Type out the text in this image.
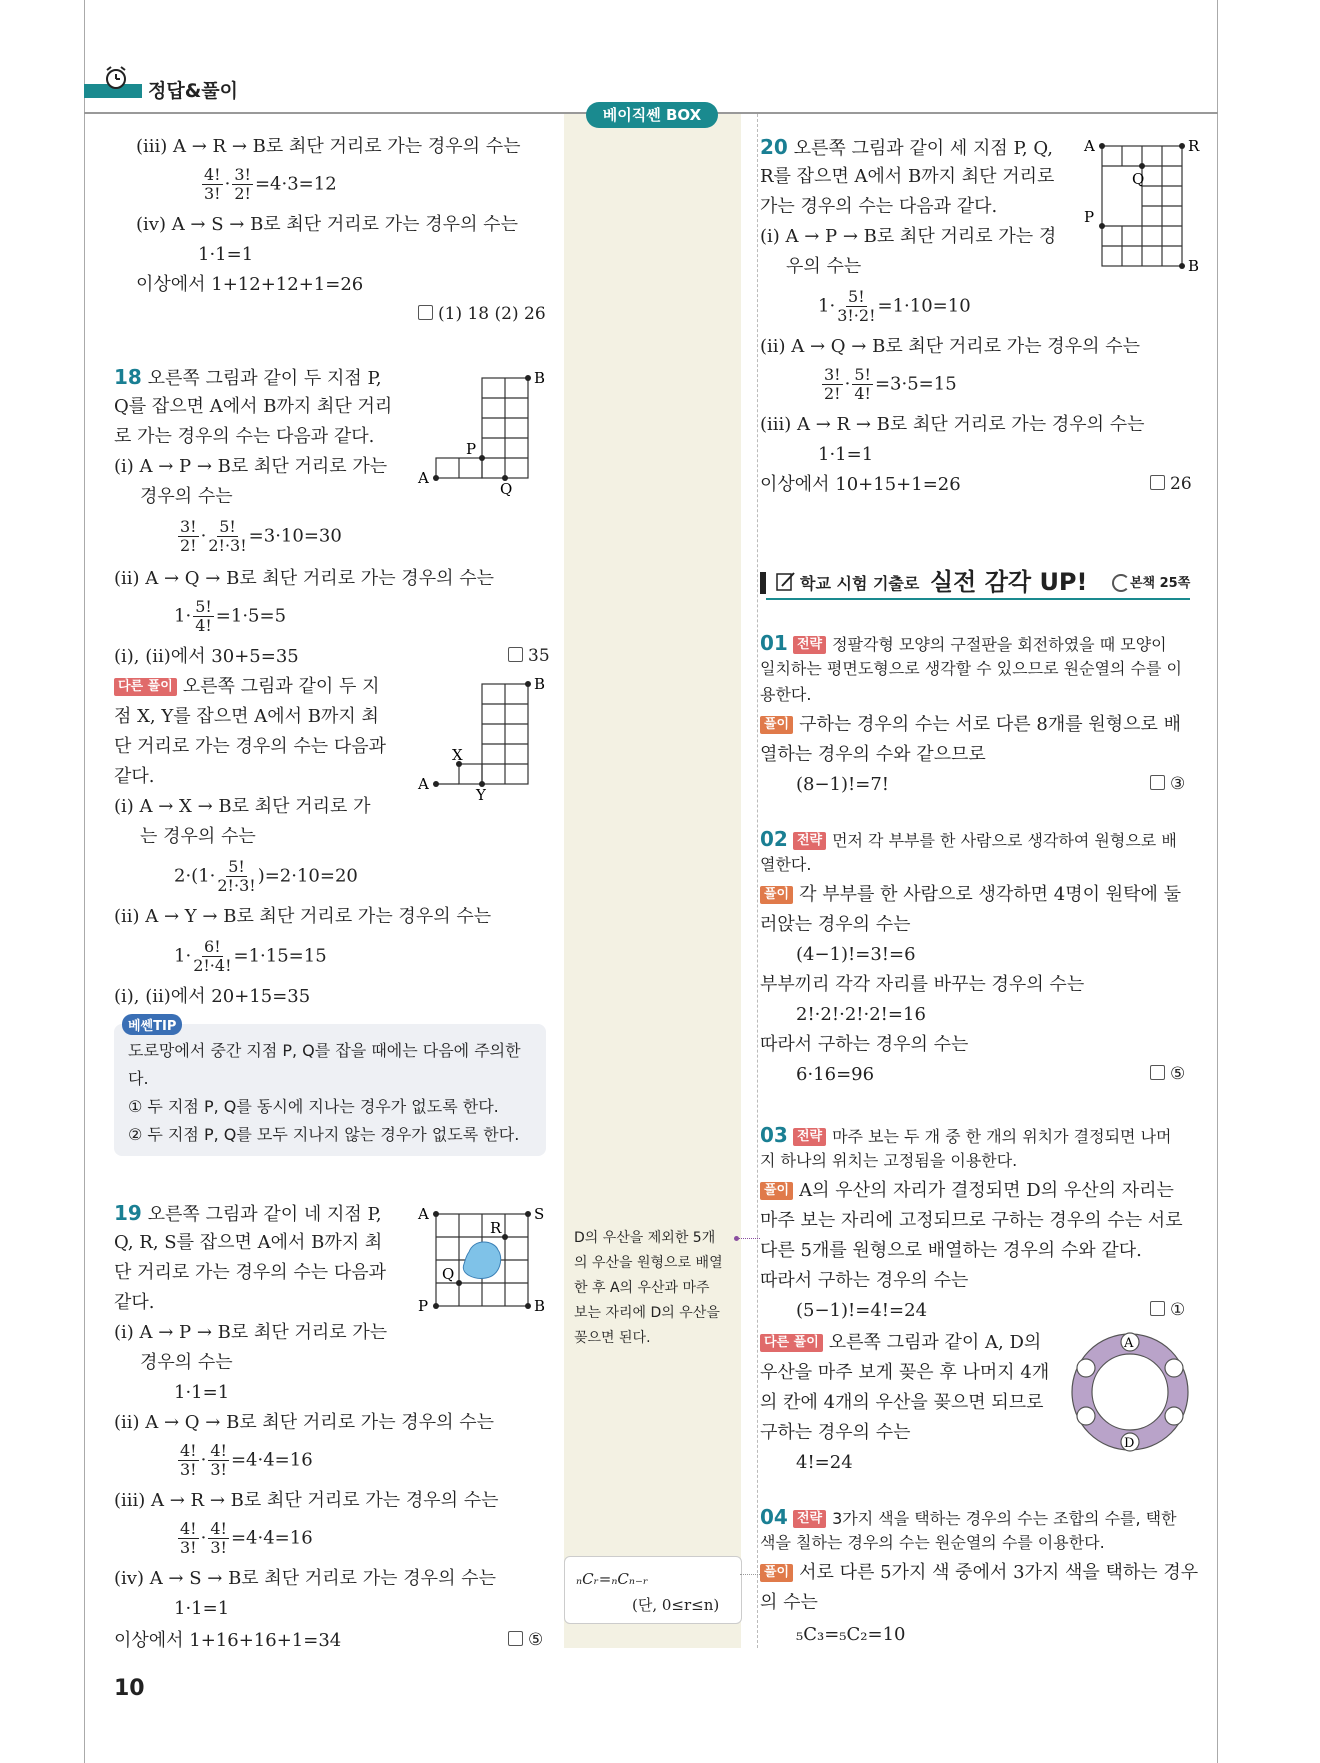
정답&풀이
베이직쎈 BOX
(ⅲ) A → R → B로 최단 거리로 가는 경우의 수는
$\frac{4!}{3!} \cdot \frac{3!}{2!} =4\cdot 3=12$
(ⅳ) A → S → B로 최단 거리로 가는 경우의 수는
1·1=1
이상에서 1+12+12+1=26
(1) 18 (2) 26
18 오른쪽 그림과 같이 두 지점 P,
Q를 잡으면 A에서 B까지 최단 거리
로 가는 경우의 수는 다음과 같다.
(ⅰ) A → P → B로 최단 거리로 가는
경우의 수는
$\frac{3!}{2!} \cdot \frac{5!}{2!\cdot 3!} =3\cdot 10=30$
(ⅱ) A → Q → B로 최단 거리로 가는 경우의 수는
$1\cdot \frac{5!}{4!} =1\cdot 5=5$
(ⅰ), (ⅱ)에서 30+5=35	35
A
B
P
Q
다른 풀이 오른쪽 그림과 같이 두 지
점 X, Y를 잡으면 A에서 B까지 최
단 거리로 가는 경우의 수는 다음과
같다.
(ⅰ) A → X → B로 최단 거리로 가
는 경우의 수는
$2\cdot(1\cdot \frac{5!}{2!\cdot 3!} )=2\cdot 10=20$
(ⅱ) A → Y → B로 최단 거리로 가는 경우의 수는
$1\cdot \frac{6!}{2!\cdot 4!} =1\cdot 15=15$
(ⅰ), (ⅱ)에서 20+15=35
A
B
X
Y
베쎈TIP
도로망에서 중간 지점 P, Q를 잡을 때에는 다음에 주의한
다.
① 두 지점 P, Q를 동시에 지나는 경우가 없도록 한다.
② 두 지점 P, Q를 모두 지나지 않는 경우가 없도록 한다.
19 오른쪽 그림과 같이 네 지점 P,
Q, R, S를 잡으면 A에서 B까지 최
단 거리로 가는 경우의 수는 다음과
같다.
(ⅰ) A → P → B로 최단 거리로 가는
경우의 수는
1·1=1
(ⅱ) A → Q → B로 최단 거리로 가는 경우의 수는
$\frac{4!}{3!} \cdot \frac{4!}{3!} =4\cdot 4=16$
(ⅲ) A → R → B로 최단 거리로 가는 경우의 수는
$\frac{4!}{3!} \cdot \frac{4!}{3!} =4\cdot 4=16$
(ⅳ) A → S → B로 최단 거리로 가는 경우의 수는
1·1=1
이상에서 1+16+16+1=34	⑤
A	S
P	B
R
Q
10
D의 우산을 제외한 5개
의 우산을 원형으로 배열
한 후 A의 우산과 마주
보는 자리에 D의 우산을
꽂으면 된다.
ₙCᵣ=ₙCₙ₋ᵣ
(단, 0≤r≤n)
20 오른쪽 그림과 같이 세 지점 P, Q,
R를 잡으면 A에서 B까지 최단 거리로
가는 경우의 수는 다음과 같다.
(ⅰ) A → P → B로 최단 거리로 가는 경
우의 수는
$1\cdot \frac{5!}{3!\cdot 2!} =1\cdot 10=10$
(ⅱ) A → Q → B로 최단 거리로 가는 경우의 수는
$\frac{3!}{2!} \cdot \frac{5!}{4!} =3\cdot 5=15$
(ⅲ) A → R → B로 최단 거리로 가는 경우의 수는
1·1=1
이상에서 10+15+1=26	26
A	R
P
B
Q
학교 시험 기출로 실전 감각 UP!	본책 25쪽
01 전략 정팔각형 모양의 구절판을 회전하였을 때 모양이
일치하는 평면도형으로 생각할 수 있으므로 원순열의 수를 이
용한다.
풀이 구하는 경우의 수는 서로 다른 8개를 원형으로 배
열하는 경우의 수와 같으므로
(8−1)!=7!	③
02 전략 먼저 각 부부를 한 사람으로 생각하여 원형으로 배
열한다.
풀이 각 부부를 한 사람으로 생각하면 4명이 원탁에 둘
러앉는 경우의 수는
(4−1)!=3!=6
부부끼리 각각 자리를 바꾸는 경우의 수는
2!·2!·2!·2!=16
따라서 구하는 경우의 수는
6·16=96	⑤
03 전략 마주 보는 두 개 중 한 개의 위치가 결정되면 나머
지 하나의 위치는 고정됨을 이용한다.
풀이 A의 우산의 자리가 결정되면 D의 우산의 자리는
마주 보는 자리에 고정되므로 구하는 경우의 수는 서로
다른 5개를 원형으로 배열하는 경우의 수와 같다.
따라서 구하는 경우의 수는
(5−1)!=4!=24	①
다른 풀이 오른쪽 그림과 같이 A, D의
우산을 마주 보게 꽂은 후 나머지 4개
의 칸에 4개의 우산을 꽂으면 되므로
구하는 경우의 수는
4!=24
A
D
04 전략 3가지 색을 택하는 경우의 수는 조합의 수를, 택한
색을 칠하는 경우의 수는 원순열의 수를 이용한다.
풀이 서로 다른 5가지 색 중에서 3가지 색을 택하는 경우
의 수는
₅C₃=₅C₂=10
